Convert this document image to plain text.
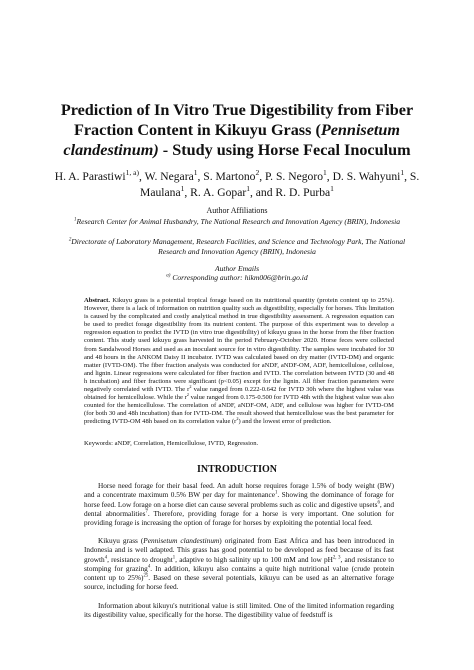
Prediction of In Vitro True Digestibility from Fiber Fraction Content in Kikuyu Grass (Pennisetum clandestinum) - Study using Horse Fecal Inoculum
H. A. Parastiwi$^{1, a)}$, W. Negara$^1$, S. Martono$^2$, P. S. Negoro$^1$, D. S. Wahyuni$^1$, S. Maulana$^1$, R. A. Gopar$^1$, and R. D. Purba$^1$
Author Affiliations
$^1$Research Center for Animal Husbandry, The National Research and Innovation Agency (BRIN), Indonesia
$^2$Directorate of Laboratory Management, Research Facilities, and Science and Technology Park, The National Research and Innovation Agency (BRIN), Indonesia
Author Emails
$^{a)}$ Corresponding author: hikm006@brin.go.id
Abstract. Kikuyu grass is a potential tropical forage based on its nutritional quantity (protein content up to 25%). However, there is a lack of information on nutrition quality such as digestibility, especially for horses. This limitation is caused by the complicated and costly analytical method in true digestibility assessment. A regression equation can be used to predict forage digestibility from its nutrient content. The purpose of this experiment was to develop a regression equation to predict the IVTD (in vitro true digestibility) of kikuyu grass in the horse from the fiber fraction content. This study used kikuyu grass harvested in the period February-October 2020. Horse feces were collected from Sandalwood Horses and used as an inoculant source for in vitro digestibility. The samples were incubated for 30 and 48 hours in the ANKOM Daisy II incubator. IVTD was calculated based on dry matter (IVTD-DM) and organic matter (IVTD-OM). The fiber fraction analysis was conducted for aNDF, aNDF-OM, ADF, hemicellulose, cellulose, and lignin. Linear regressions were calculated for fiber fraction and IVTD. The correlation between IVTD (30 and 48 h incubation) and fiber fractions were significant (p<0.05) except for the lignin. All fiber fraction parameters were negatively correlated with IVTD. The $r^2$ value ranged from 0.222-0.642 for IVTD 30h where the highest value was obtained for hemicellulose. While the $r^2$ value ranged from 0.175-0.500 for IVTD 48h with the highest value was also counted for the hemicellulose. The correlation of aNDF, aNDF-OM, ADF, and cellulose was higher for IVTD-OM (for both 30 and 48h incubation) than for IVTD-DM. The result showed that hemicellulose was the best parameter for predicting IVTD-OM 48h based on its correlation value $(r^2)$ and the lowest error of prediction.
Keywords: aNDF, Correlation, Hemicellulose, IVTD, Regression.
INTRODUCTION

Horse need forage for their basal feed. An adult horse requires forage 1.5% of body weight (BW) and a concentrate maximum 0.5% BW per day for maintenance$^1$. Showing the dominance of forage for horse feed. Low forage on a horse diet can cause several problems such as colic and digestive upsets$^6$, and dental abnormalities$^7$. Therefore, providing forage for a horse is very important. One solution for providing forage is increasing the option of forage for horses by exploiting the potential local feed.

Kikuyu grass (Pennisetum clandestinum) originated from East Africa and has been introduced in Indonesia and is well adapted. This grass has good potential to be developed as feed because of its fast growth$^4$, resistance to drought$^1$, adaptive to high salinity up to 100 mM and low pH$^{2, 3}$, and resistance to stomping for grazing$^4$. In addition, kikuyu also contains a quite high nutritional value (crude protein content up to 25%)$^{25}$. Based on these several potentials, kikuyu can be used as an alternative forage source, including for horse feed.

Information about kikuyu's nutritional value is still limited. One of the limited information regarding its digestibility value, specifically for the horse. The digestibility value of feedstuff is
